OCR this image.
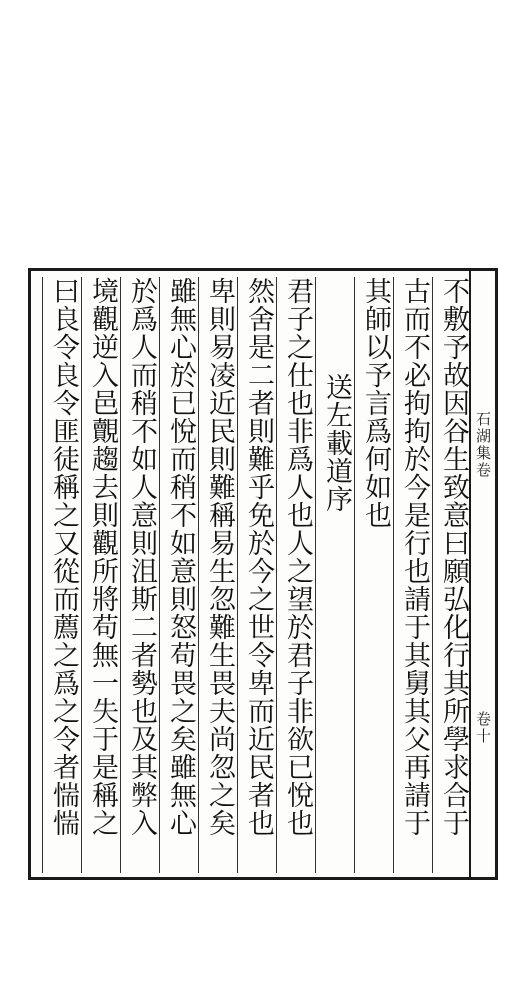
不敷予故因谷生致意曰願弘化行其所學求合于
古而不必拘拘於今是行也請于其舅其父再請于
其師以予言爲何如也
送左載道序
君子之仕也非爲人也人之望於君子非欲已悅也
然舍是二者則難乎免於今之世令卑而近民者也
卑則易凌近民則難稱易生忽難生畏夫尚忽之矣
雖無心於已悅而稍不如意則怒苟畏之矣雖無心
於爲人而稍不如人意則沮斯二者勢也及其弊入
境觀逆入邑覿趨去則觀所將苟無一失于是稱之
曰良令良令匪徒稱之又從而薦之爲之令者惴惴	石湖集卷
卷十
